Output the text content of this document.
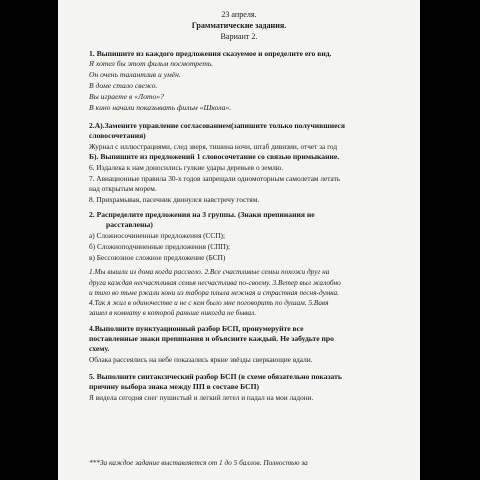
23 апреля.
Грамматические задания.
Вариант 2.
1. Выпишите из каждого предложения сказуемое и определите его вид.
Я хотел бы этот фильм посмотреть.
Он очень талантлив и умён.
В доме стало свежо.
Вы играете в «Лото»?
В кино начали показывать фильм «Школа».
2.А).Замените управление согласованием(запишите только получившиеся
словосочетания)
Журнал с иллюстрациями, след зверя, тишина ночи, штаб дивизии, отчет за год
Б). Выпишите из предложений 1 словосочетание со связью примыкание.
6. Издалека к нам доносились гулкие удары деревьев о землю.
7. Авиационные правила 30-х годов запрещали одномоторным самолетам летать
над открытым морем.
8. Прихрамывая, пасечник двинулся навстречу гостям.
2. Распределите предложения на 3 группы. (Знаки препинания не
расставлены)
а) Сложносочиненные предложения (ССП);
б) Сложноподчиненные предложения (СПП);
в) Бессоюзное сложное предложение (БСП)
1.Мы вышли из дома когда рассвело. 2.Все счастливые семьи похожи друг на
друга каждая несчастливая семья несчастлива по-своему. 3.Ветер выл жалобно
и тихо во тьме ржали кони из табора плыла нежная и страстная песня-думка.
4.Так я жил в одиночестве и не с кем было мне поговорить по душам. 5.Вавя
зашел в комнату в которой раньше никогда не бывал.
4.Выполните пунктуационный разбор БСП, пронумеруйте все
поставленные знаки препинания и объясните каждый. Не забудьте про
схему.
Облака рассеялись на небе показались яркие звёзды сверкающие вдали.
5. Выполните синтаксический разбор БСП (в схеме обязательно показать
причину выбора знака между ПП в составе БСП)
Я видела сегодня снег пушистый и легкий летел и падал на мои ладони.
***За каждое задание выставляется от 1 до 5 баллов. Полностью за
